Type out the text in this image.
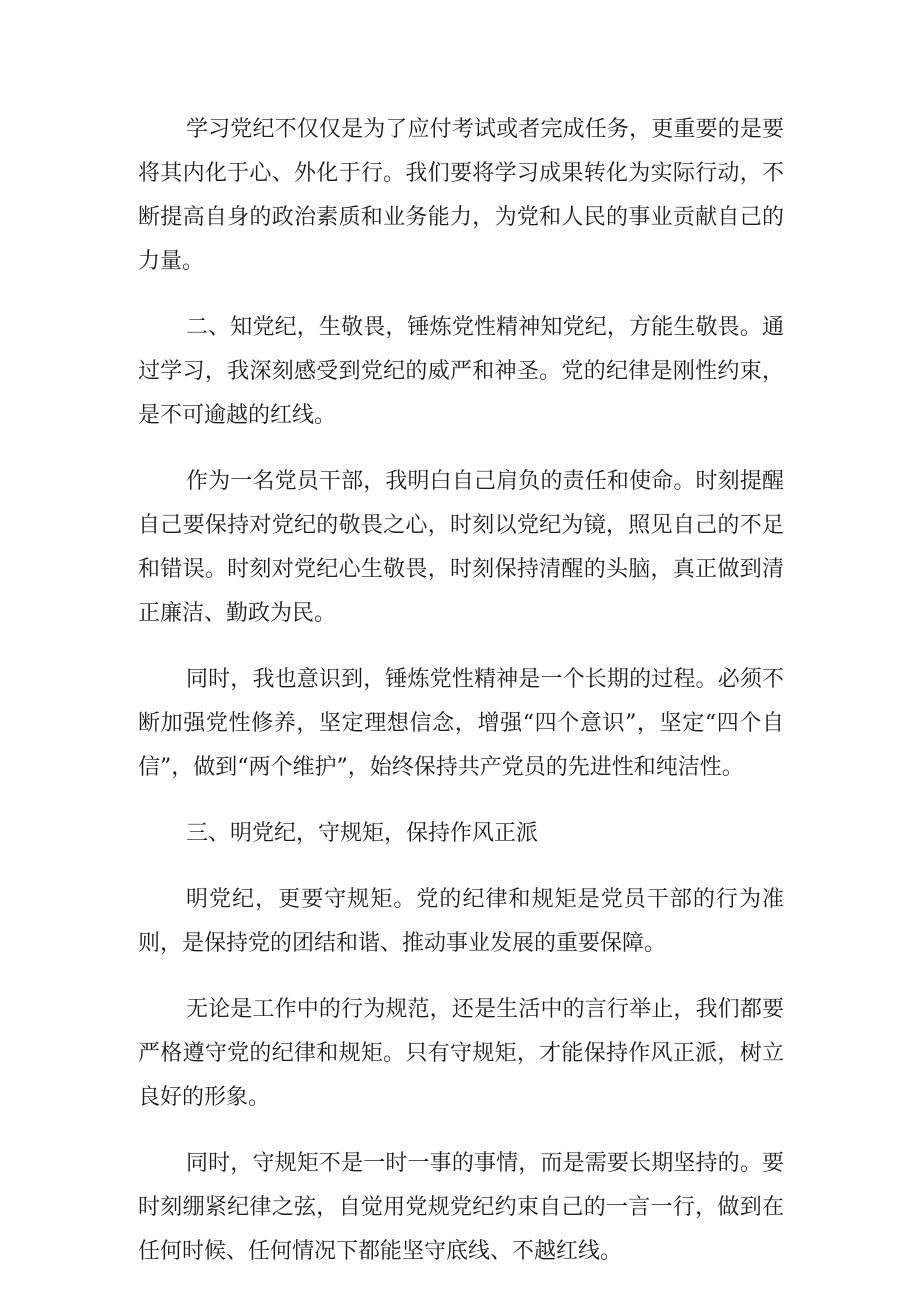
学习党纪不仅仅是为了应付考试或者完成任务，更重要的是要将其内化于心、外化于行。我们要将学习成果转化为实际行动，不断提高自身的政治素质和业务能力，为党和人民的事业贡献自己的力量。

二、知党纪，生敬畏，锤炼党性精神知党纪，方能生敬畏。通过学习，我深刻感受到党纪的威严和神圣。党的纪律是刚性约束，是不可逾越的红线。

作为一名党员干部，我明白自己肩负的责任和使命。时刻提醒自己要保持对党纪的敬畏之心，时刻以党纪为镜，照见自己的不足和错误。时刻对党纪心生敬畏，时刻保持清醒的头脑，真正做到清正廉洁、勤政为民。

同时，我也意识到，锤炼党性精神是一个长期的过程。必须不断加强党性修养，坚定理想信念，增强“四个意识”，坚定“四个自信”，做到“两个维护”，始终保持共产党员的先进性和纯洁性。

三、明党纪，守规矩，保持作风正派

明党纪，更要守规矩。党的纪律和规矩是党员干部的行为准则，是保持党的团结和谐、推动事业发展的重要保障。

无论是工作中的行为规范，还是生活中的言行举止，我们都要严格遵守党的纪律和规矩。只有守规矩，才能保持作风正派，树立良好的形象。

同时，守规矩不是一时一事的事情，而是需要长期坚持的。要时刻绷紧纪律之弦，自觉用党规党纪约束自己的一言一行，做到在任何时候、任何情况下都能坚守底线、不越红线。
